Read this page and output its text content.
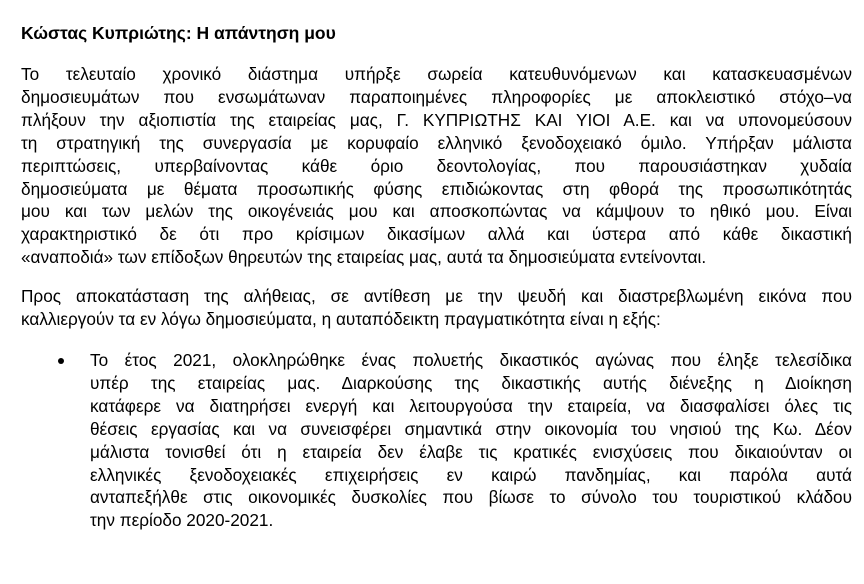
Κώστας Κυπριώτης: Η απάντηση μου
Το τελευταίο χρονικό διάστημα υπήρξε σωρεία κατευθυνόμενων και κατασκευασμένων
δημοσιευμάτων που ενσωμάτωναν παραποιημένες πληροφορίες με αποκλειστικό στόχο–να
πλήξουν την αξιοπιστία της εταιρείας μας, Γ. ΚΥΠΡΙΩΤΗΣ ΚΑΙ ΥΙΟΙ Α.Ε. και να υπονομεύσουν
τη στρατηγική της συνεργασία με κορυφαίο ελληνικό ξενοδοχειακό όμιλο. Υπήρξαν μάλιστα
περιπτώσεις, υπερβαίνοντας κάθε όριο δεοντολογίας, που παρουσιάστηκαν χυδαία
δημοσιεύματα με θέματα προσωπικής φύσης επιδιώκοντας στη φθορά της προσωπικότητάς
μου και των μελών της οικογένειάς μου και αποσκοπώντας να κάμψουν το ηθικό μου. Είναι
χαρακτηριστικό δε ότι προ κρίσιμων δικασίμων αλλά και ύστερα από κάθε δικαστική
«αναποδιά» των επίδοξων θηρευτών της εταιρείας μας, αυτά τα δημοσιεύματα εντείνονται.
Προς αποκατάσταση της αλήθειας, σε αντίθεση με την ψευδή και διαστρεβλωμένη εικόνα που
καλλιεργούν τα εν λόγω δημοσιεύματα, η αυταπόδεικτη πραγματικότητα είναι η εξής:
Το έτος 2021, ολοκληρώθηκε ένας πολυετής δικαστικός αγώνας που έληξε τελεσίδικα
υπέρ της εταιρείας μας. Διαρκούσης της δικαστικής αυτής διένεξης η Διοίκηση
κατάφερε να διατηρήσει ενεργή και λειτουργούσα την εταιρεία, να διασφαλίσει όλες τις
θέσεις εργασίας και να συνεισφέρει σημαντικά στην οικονομία του νησιού της Κω. Δέον
μάλιστα τονισθεί ότι η εταιρεία δεν έλαβε τις κρατικές ενισχύσεις που δικαιούνταν οι
ελληνικές ξενοδοχειακές επιχειρήσεις εν καιρώ πανδημίας, και παρόλα αυτά
ανταπεξήλθε στις οικονομικές δυσκολίες που βίωσε το σύνολο του τουριστικού κλάδου
την περίοδο 2020-2021.
